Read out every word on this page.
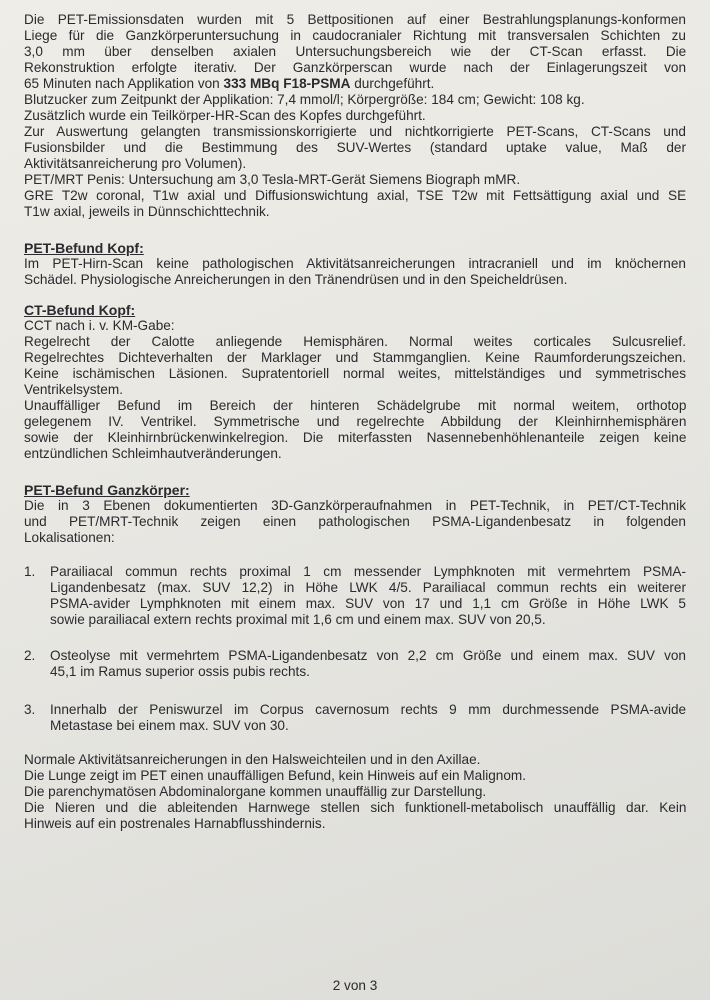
Die PET-Emissionsdaten wurden mit 5 Bettpositionen auf einer Bestrahlungsplanungs-konformen
Liege für die Ganzkörperuntersuchung in caudocranialer Richtung mit transversalen Schichten zu
3,0 mm über denselben axialen Untersuchungsbereich wie der CT-Scan erfasst. Die
Rekonstruktion erfolgte iterativ. Der Ganzkörperscan wurde nach der Einlagerungszeit von
65 Minuten nach Applikation von 333 MBq F18-PSMA durchgeführt.
Blutzucker zum Zeitpunkt der Applikation: 7,4 mmol/l; Körpergröße: 184 cm; Gewicht: 108 kg.
Zusätzlich wurde ein Teilkörper-HR-Scan des Kopfes durchgeführt.
Zur Auswertung gelangten transmissionskorrigierte und nichtkorrigierte PET-Scans, CT-Scans und
Fusionsbilder und die Bestimmung des SUV-Wertes (standard uptake value, Maß der
Aktivitätsanreicherung pro Volumen).
PET/MRT Penis: Untersuchung am 3,0 Tesla-MRT-Gerät Siemens Biograph mMR.
GRE T2w coronal, T1w axial und Diffusionswichtung axial, TSE T2w mit Fettsättigung axial und SE
T1w axial, jeweils in Dünnschichttechnik.
PET-Befund Kopf:
Im PET-Hirn-Scan keine pathologischen Aktivitätsanreicherungen intracraniell und im knöchernen
Schädel. Physiologische Anreicherungen in den Tränendrüsen und in den Speicheldrüsen.
CT-Befund Kopf:
CCT nach i. v. KM-Gabe:
Regelrecht der Calotte anliegende Hemisphären. Normal weites corticales Sulcusrelief.
Regelrechtes Dichteverhalten der Marklager und Stammganglien. Keine Raumforderungszeichen.
Keine ischämischen Läsionen. Supratentoriell normal weites, mittelständiges und symmetrisches
Ventrikelsystem.
Unauffälliger Befund im Bereich der hinteren Schädelgrube mit normal weitem, orthotop
gelegenem IV. Ventrikel. Symmetrische und regelrechte Abbildung der Kleinhirnhemisphären
sowie der Kleinhirnbrückenwinkelregion. Die miterfassten Nasennebenhöhlenanteile zeigen keine
entzündlichen Schleimhautveränderungen.
PET-Befund Ganzkörper:
Die in 3 Ebenen dokumentierten 3D-Ganzkörperaufnahmen in PET-Technik, in PET/CT-Technik
und PET/MRT-Technik zeigen einen pathologischen PSMA-Ligandenbesatz in folgenden
Lokalisationen:
1. Parailiacal commun rechts proximal 1 cm messender Lymphknoten mit vermehrtem PSMA-
Ligandenbesatz (max. SUV 12,2) in Höhe LWK 4/5. Parailiacal commun rechts ein weiterer
PSMA-avider Lymphknoten mit einem max. SUV von 17 und 1,1 cm Größe in Höhe LWK 5
sowie parailiacal extern rechts proximal mit 1,6 cm und einem max. SUV von 20,5.
2. Osteolyse mit vermehrtem PSMA-Ligandenbesatz von 2,2 cm Größe und einem max. SUV von
45,1 im Ramus superior ossis pubis rechts.
3. Innerhalb der Peniswurzel im Corpus cavernosum rechts 9 mm durchmessende PSMA-avide
Metastase bei einem max. SUV von 30.
Normale Aktivitätsanreicherungen in den Halsweichteilen und in den Axillae.
Die Lunge zeigt im PET einen unauffälligen Befund, kein Hinweis auf ein Malignom.
Die parenchymatösen Abdominalorgane kommen unauffällig zur Darstellung.
Die Nieren und die ableitenden Harnwege stellen sich funktionell-metabolisch unauffällig dar. Kein
Hinweis auf ein postrenales Harnabflusshindernis.
2 von 3
